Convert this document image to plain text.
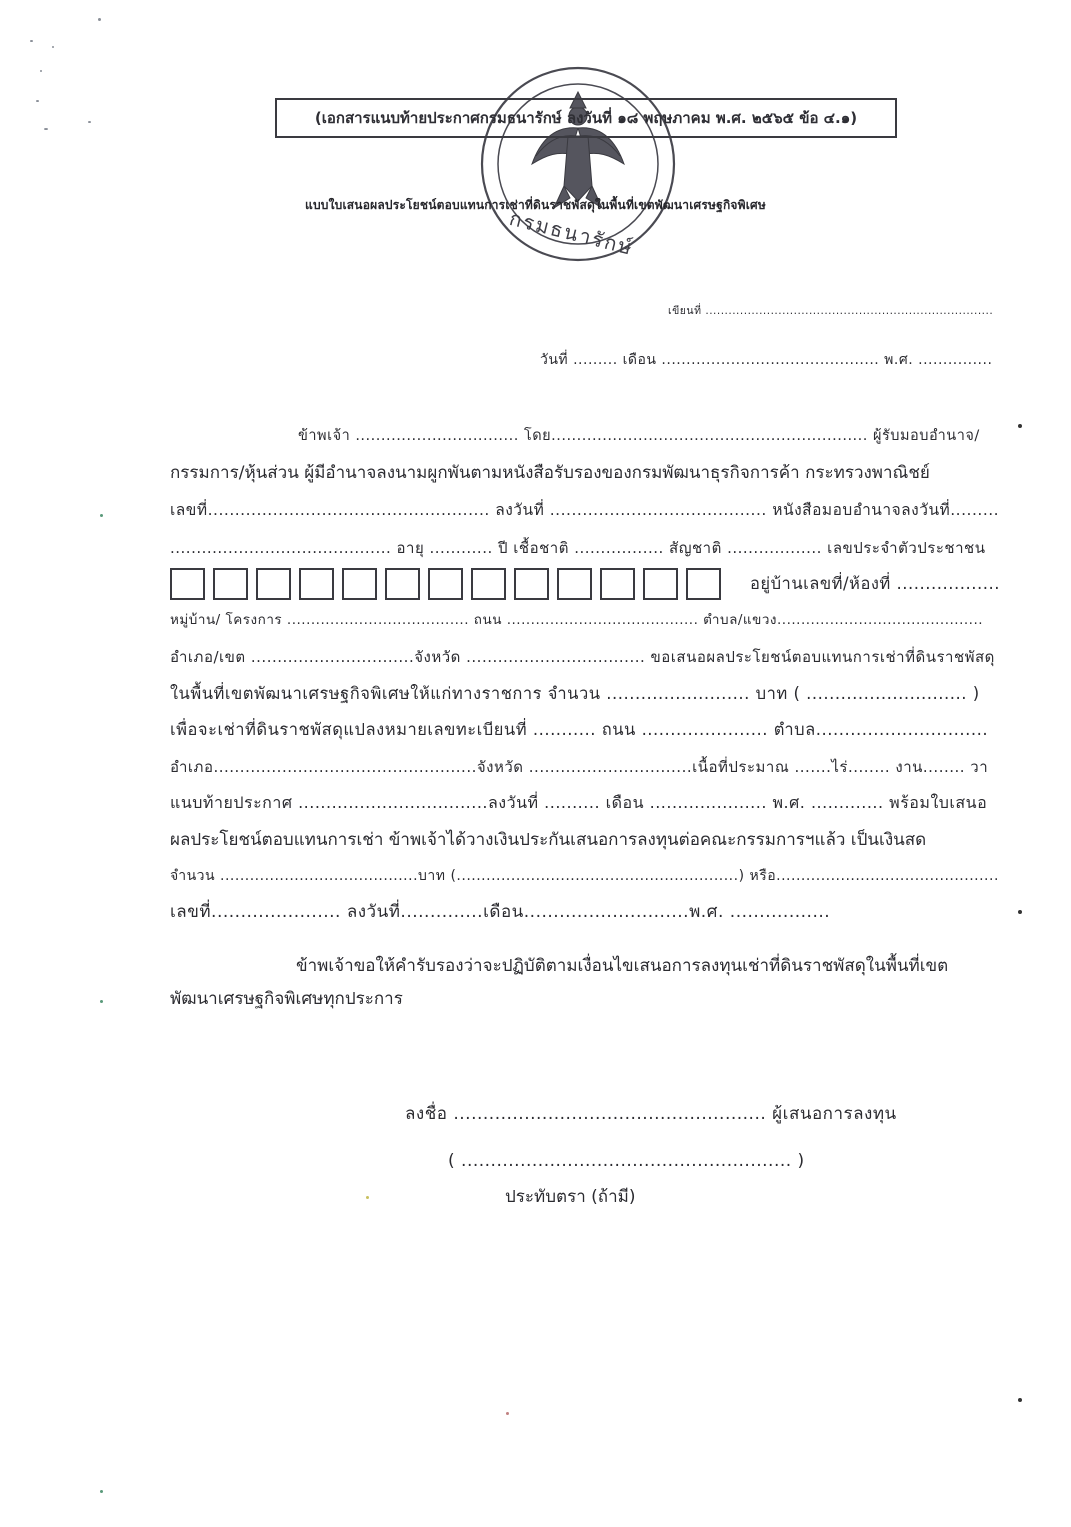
กรมธนารักษ์
(เอกสารแนบท้ายประกาศกรมธนารักษ์ ลงวันที่ ๑๘ พฤษภาคม พ.ศ. ๒๕๖๕ ข้อ ๔.๑)
แบบใบเสนอผลประโยชน์ตอบแทนการเช่าที่ดินราชพัสดุในพื้นที่เขตพัฒนาเศรษฐกิจพิเศษ
เขียนที่ ...........................................................................
วันที่ ......... เดือน ............................................ พ.ศ. ...............
ข้าพเจ้า ................................ โดย.............................................................. ผู้รับมอบอำนาจ/
กรรมการ/หุ้นส่วน ผู้มีอำนาจลงนามผูกพันตามหนังสือรับรองของกรมพัฒนาธุรกิจการค้า กระทรวงพาณิชย์
เลขที่.................................................... ลงวันที่ ........................................ หนังสือมอบอำนาจลงวันที่.........
.......................................... อายุ ............ ปี เชื้อชาติ ................. สัญชาติ .................. เลขประจำตัวประชาชน
อยู่บ้านเลขที่/ห้องที่ ..................
หมู่บ้าน/ โครงการ ...................................... ถนน ........................................ ตำบล/แขวง...........................................
อำเภอ/เขต ...............................จังหวัด .................................. ขอเสนอผลประโยชน์ตอบแทนการเช่าที่ดินราชพัสดุ
ในพื้นที่เขตพัฒนาเศรษฐกิจพิเศษให้แก่ทางราชการ จำนวน ......................... บาท ( ............................ )
เพื่อจะเช่าที่ดินราชพัสดุแปลงหมายเลขทะเบียนที่ ........... ถนน ...................... ตำบล..............................
อำเภอ..................................................จังหวัด ...............................เนื้อที่ประมาณ .......ไร่........ งาน........ วา
แนบท้ายประกาศ ..................................ลงวันที่ .......... เดือน ..................... พ.ศ. ............. พร้อมใบเสนอ
ผลประโยชน์ตอบแทนการเช่า ข้าพเจ้าได้วางเงินประกันเสนอการลงทุนต่อคณะกรรมการฯแล้ว เป็นเงินสด
จำนวน ........................................บาท (.........................................................) หรือ.............................................
เลขที่...................... ลงวันที่..............เดือน............................พ.ศ. .................
ข้าพเจ้าขอให้คำรับรองว่าจะปฏิบัติตามเงื่อนไขเสนอการลงทุนเช่าที่ดินราชพัสดุในพื้นที่เขต
พัฒนาเศรษฐกิจพิเศษทุกประการ
ลงชื่อ ..................................................... ผู้เสนอการลงทุน
( ........................................................ )
ประทับตรา (ถ้ามี)
